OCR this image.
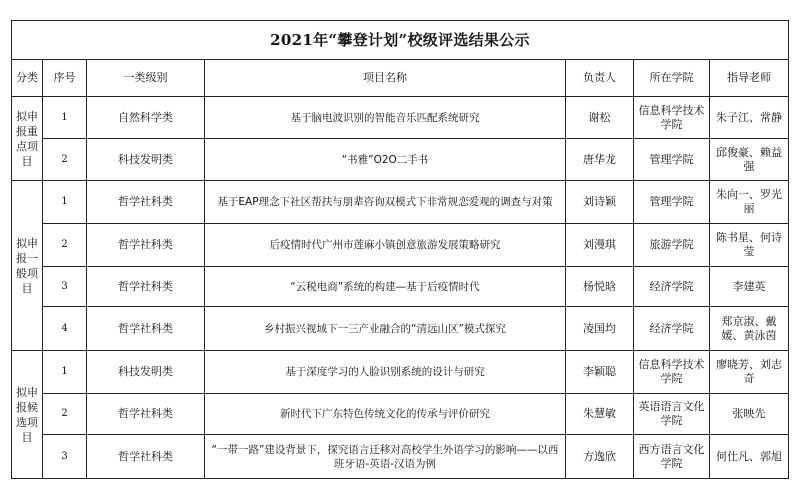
2021年“攀登计划”校级评选结果公示						
分类	序号	一类级别	项目名称	负责人	所在学院	指导老师
拟申报重点项目	1	自然科学类	基于脑电波识别的智能音乐匹配系统研究	谢松	信息科学技术学院	朱子江、常静
	2	科技发明类	“书雅”O2O二手书	唐华龙	管理学院	邱俊豪、赖益强
拟申报一般项目	1	哲学社科类	基于EAP理念下社区帮扶与朋辈咨询双模式下非常规恋爱观的调查与对策	刘诗颖	管理学院	朱向一、罗光丽
	2	哲学社科类	后疫情时代广州市莲麻小镇创意旅游发展策略研究	刘漫琪	旅游学院	陈书星、何诗莹
	3	哲学社科类	“云税电商”系统的构建—基于后疫情时代	杨悦晗	经济学院	李建英
	4	哲学社科类	乡村振兴视域下一三产业融合的“清远山区”模式探究	凌国均	经济学院	郑京淑、戴媛、黄泳茵
拟申报候选项目	1	科技发明类	基于深度学习的人脸识别系统的设计与研究	李颖聪	信息科学技术学院	廖晓芳、刘志奇
	2	哲学社科类	新时代下广东特色传统文化的传承与评价研究	朱慧敏	英语语言文化学院	张映先
	3	哲学社科类	“一带一路”建设背景下，探究语言迁移对高校学生外语学习的影响——以西班牙语-英语-汉语为例	方逸欣	西方语言文化学院	何仕凡、郭旭
